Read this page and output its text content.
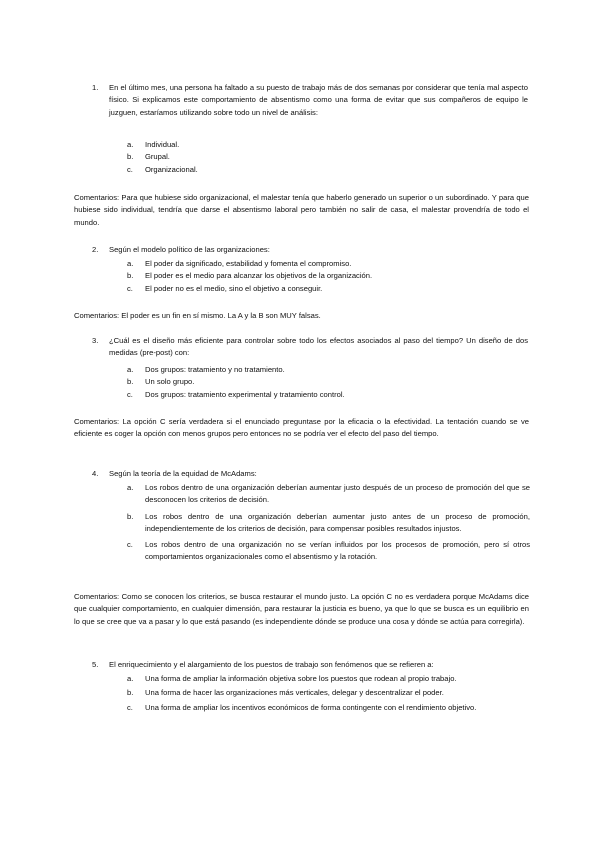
1. En el último mes, una persona ha faltado a su puesto de trabajo más de dos semanas por considerar que tenía mal aspecto físico. Si explicamos este comportamiento de absentismo como una forma de evitar que sus compañeros de equipo le juzguen, estaríamos utilizando sobre todo un nivel de análisis:
a. Individual.
b. Grupal.
c. Organizacional.
Comentarios: Para que hubiese sido organizacional, el malestar tenía que haberlo generado un superior o un subordinado. Y para que hubiese sido individual, tendría que darse el absentismo laboral pero también no salir de casa, el malestar provendría de todo el mundo.
2. Según el modelo político de las organizaciones:
a. El poder da significado, estabilidad y fomenta el compromiso.
b. El poder es el medio para alcanzar los objetivos de la organización.
c. El poder no es el medio, sino el objetivo a conseguir.
Comentarios: El poder es un fin en sí mismo. La A y la B son MUY falsas.
3. ¿Cuál es el diseño más eficiente para controlar sobre todo los efectos asociados al paso del tiempo? Un diseño de dos medidas (pre-post) con:
a. Dos grupos: tratamiento y no tratamiento.
b. Un solo grupo.
c. Dos grupos: tratamiento experimental y tratamiento control.
Comentarios: La opción C sería verdadera si el enunciado preguntase por la eficacia o la efectividad. La tentación cuando se ve eficiente es coger la opción con menos grupos pero entonces no se podría ver el efecto del paso del tiempo.
4. Según la teoría de la equidad de McAdams:
a. Los robos dentro de una organización deberían aumentar justo después de un proceso de promoción del que se desconocen los criterios de decisión.
b. Los robos dentro de una organización deberían aumentar justo antes de un proceso de promoción, independientemente de los criterios de decisión, para compensar posibles resultados injustos.
c. Los robos dentro de una organización no se verían influidos por los procesos de promoción, pero sí otros comportamientos organizacionales como el absentismo y la rotación.
Comentarios: Como se conocen los criterios, se busca restaurar el mundo justo. La opción C no es verdadera porque McAdams dice que cualquier comportamiento, en cualquier dimensión, para restaurar la justicia es bueno, ya que lo que se busca es un equilibrio en lo que se cree que va a pasar y lo que está pasando (es independiente dónde se produce una cosa y dónde se actúa para corregirla).
5. El enriquecimiento y el alargamiento de los puestos de trabajo son fenómenos que se refieren a:
a. Una forma de ampliar la información objetiva sobre los puestos que rodean al propio trabajo.
b. Una forma de hacer las organizaciones más verticales, delegar y descentralizar el poder.
c. Una forma de ampliar los incentivos económicos de forma contingente con el rendimiento objetivo.
